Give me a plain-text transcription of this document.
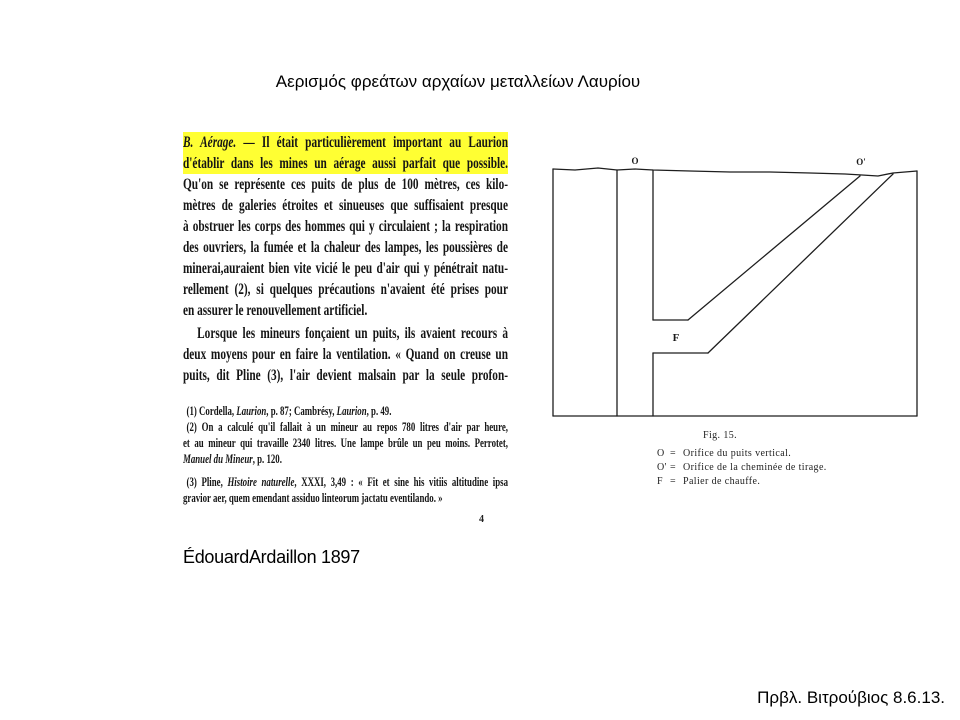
Αερισμός φρεάτων αρχαίων μεταλλείων Λαυρίου
B. Aérage. — Il était particulièrement important au Laurion
d'établir dans les mines un aérage aussi parfait que possible.
Qu'on se représente ces puits de plus de 100 mètres, ces kilo-
mètres de galeries étroites et sinueuses que suffisaient presque
à obstruer les corps des hommes qui y circulaient ; la respiration
des ouvriers, la fumée et la chaleur des lampes, les poussières de
minerai,auraient bien vite vicié le peu d'air qui y pénétrait natu-
rellement (2), si quelques précautions n'avaient été prises pour
en assurer le renouvellement artificiel.
Lorsque les mineurs fonçaient un puits, ils avaient recours à
deux moyens pour en faire la ventilation. « Quand on creuse un
puits, dit Pline (3), l'air devient malsain par la seule profon-
(1) Cordella, Laurion, p. 87; Cambrésy, Laurion, p. 49.
(2) On a calculé qu'il fallait à un mineur au repos 780 litres d'air par heure,
et au mineur qui travaille 2340 litres. Une lampe brûle un peu moins. Perrotet,
Manuel du Mineur, p. 120.
(3) Pline, Histoire naturelle, XXXI, 3,49 : « Fit et sine his vitiis altitudine ipsa
gravior aer, quem emendant assiduo linteorum jactatu eventilando. »
4
O	O'
F
Fig. 15.
O = Orifice du puits vertical.
O' = Orifice de la cheminée de tirage.
F = Palier de chauffe.
ÉdouardArdaillon 1897
Πρβλ. Βιτρούβιος 8.6.13.
